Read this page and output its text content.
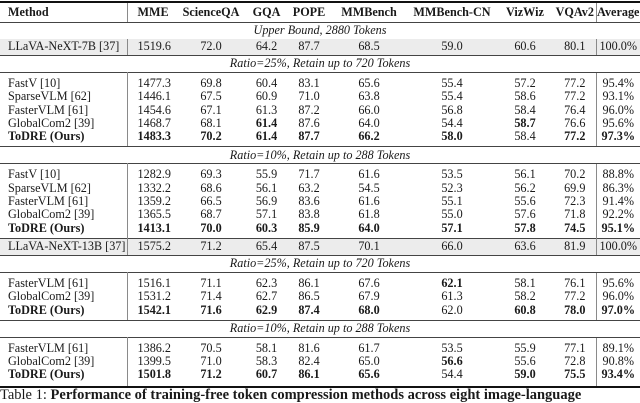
Method	MME	ScienceQA	GQA	POPE	MMBench	MMBench-CN	VizWiz	VQAv2	Average
Upper Bound, 2880 Tokens									
LLaVA-NeXT-7B [37]	1519.6	72.0	64.2	87.7	68.5	59.0	60.6	80.1	100.0%
Ratio=25%, Retain up to 720 Tokens									
FastV [10]	1477.3	69.8	60.4	83.1	65.6	55.4	57.2	77.2	95.4%
SparseVLM [62]	1446.1	67.5	60.9	71.0	63.8	55.4	58.6	77.2	93.1%
FasterVLM [61]	1454.6	67.1	61.3	87.2	66.0	56.8	58.4	76.4	96.0%
GlobalCom2 [39]	1468.7	68.1	61.4	87.6	64.0	54.4	58.7	76.6	95.6%
ToDRE (Ours)	1483.3	70.2	61.4	87.7	66.2	58.0	58.4	77.2	97.3%
Ratio=10%, Retain up to 288 Tokens									
FastV [10]	1282.9	69.3	55.9	71.7	61.6	53.5	56.1	70.2	88.8%
SparseVLM [62]	1332.2	68.6	56.1	63.2	54.5	52.3	56.2	69.9	86.3%
FasterVLM [61]	1359.2	66.5	56.9	83.6	61.6	55.1	55.6	72.3	91.4%
GlobalCom2 [39]	1365.5	68.7	57.1	83.8	61.8	55.0	57.6	71.8	92.2%
ToDRE (Ours)	1413.1	70.0	60.3	85.9	64.0	57.1	57.8	74.5	95.1%
LLaVA-NeXT-13B [37]	1575.2	71.2	65.4	87.5	70.1	66.0	63.6	81.9	100.0%
Ratio=25%, Retain up to 720 Tokens									
FasterVLM [61]	1516.1	71.1	62.3	86.1	67.6	62.1	58.1	76.1	95.6%
GlobalCom2 [39]	1531.2	71.4	62.7	86.5	67.9	61.3	58.2	77.2	96.0%
ToDRE (Ours)	1542.1	71.6	62.9	87.4	68.0	62.0	60.8	78.0	97.0%
Ratio=10%, Retain up to 288 Tokens									
FasterVLM [61]	1386.2	70.5	58.1	81.6	61.7	53.5	55.9	77.1	89.1%
GlobalCom2 [39]	1399.5	71.0	58.3	82.4	65.0	56.6	55.6	72.8	90.8%
ToDRE (Ours)	1501.8	71.2	60.7	86.1	65.6	54.4	59.0	75.5	93.4%
Table 1: Performance of training-free token compression methods across eight image-language
